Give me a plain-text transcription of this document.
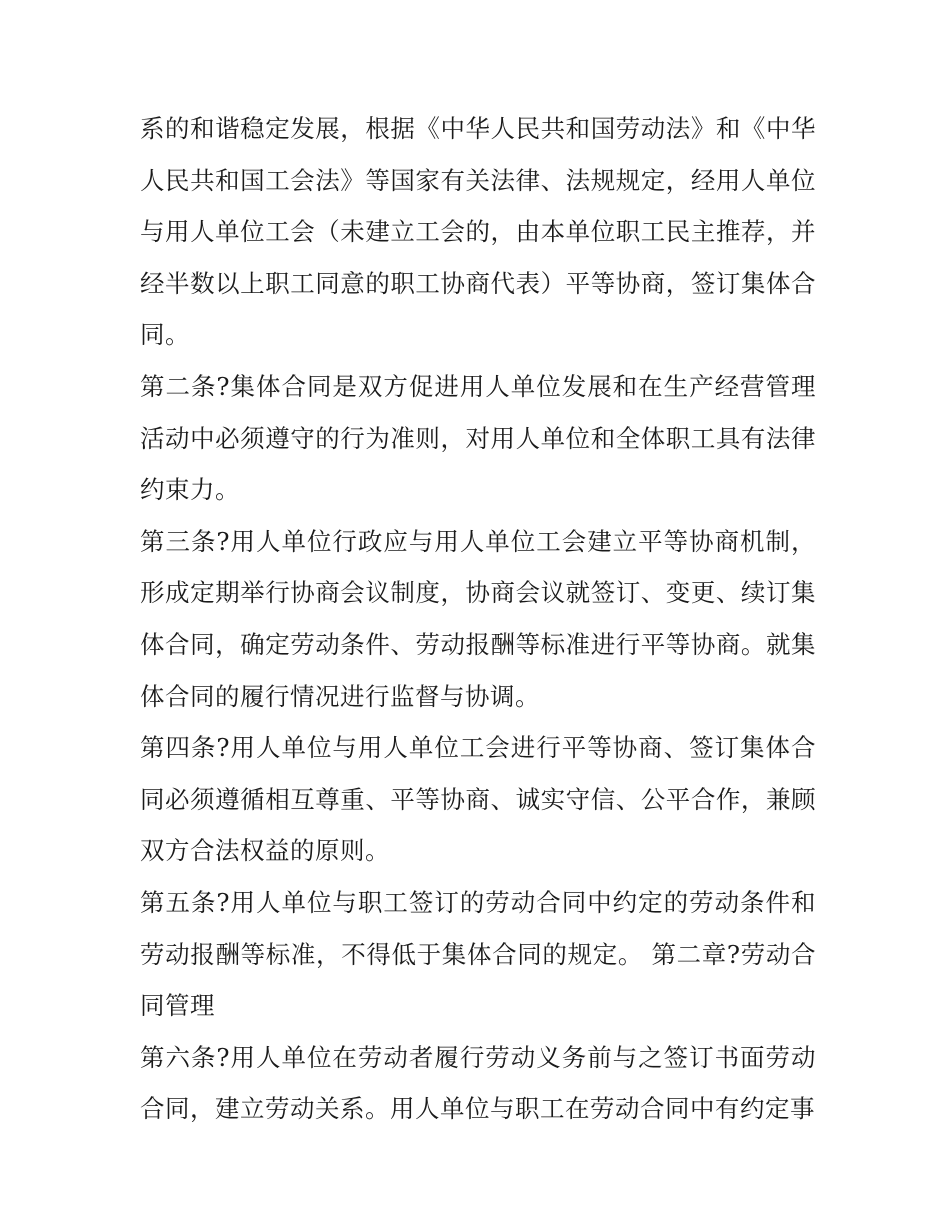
系的和谐稳定发展，根据《中华人民共和国劳动法》和《中华人民共和国工会法》等国家有关法律、法规规定，经用人单位与用人单位工会（未建立工会的，由本单位职工民主推荐，并经半数以上职工同意的职工协商代表）平等协商，签订集体合同。

第二条?集体合同是双方促进用人单位发展和在生产经营管理活动中必须遵守的行为准则，对用人单位和全体职工具有法律约束力。

第三条?用人单位行政应与用人单位工会建立平等协商机制，形成定期举行协商会议制度，协商会议就签订、变更、续订集体合同，确定劳动条件、劳动报酬等标准进行平等协商。就集体合同的履行情况进行监督与协调。

第四条?用人单位与用人单位工会进行平等协商、签订集体合同必须遵循相互尊重、平等协商、诚实守信、公平合作，兼顾双方合法权益的原则。

第五条?用人单位与职工签订的劳动合同中约定的劳动条件和劳动报酬等标准，不得低于集体合同的规定。 第二章?劳动合同管理

第六条?用人单位在劳动者履行劳动义务前与之签订书面劳动合同，建立劳动关系。用人单位与职工在劳动合同中有约定事
